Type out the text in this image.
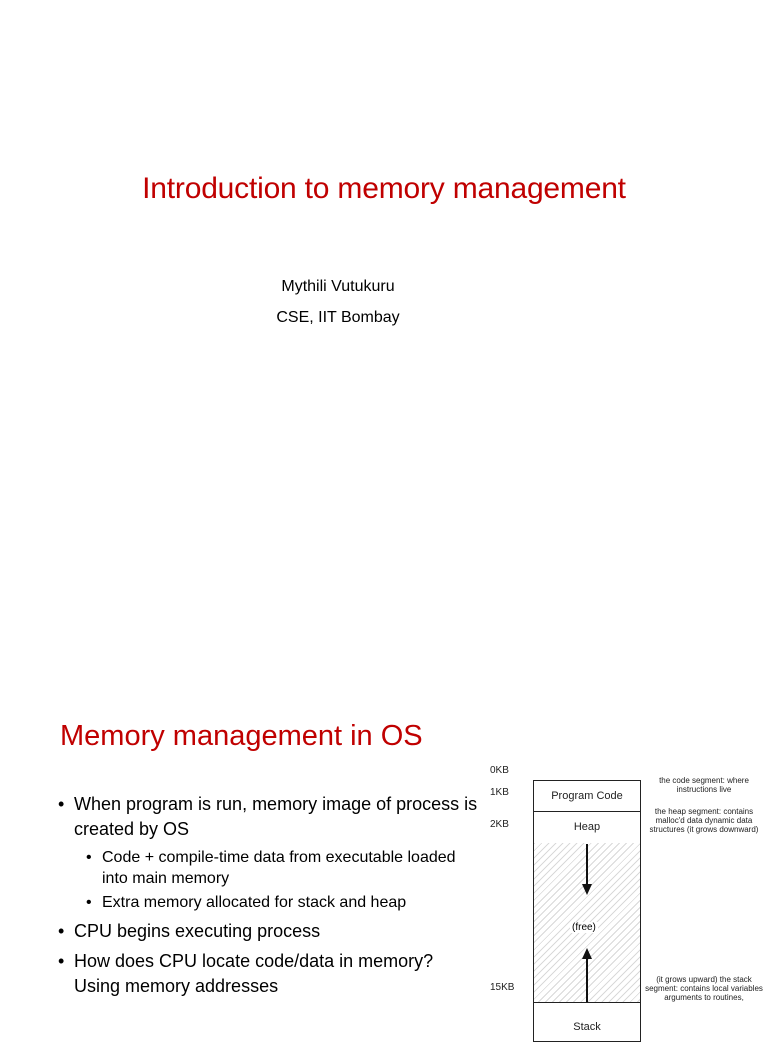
Introduction to memory management
Mythili Vutukuru
CSE, IIT Bombay
Memory management in OS
• When program is run, memory image of process is created by OS
• Code + compile-time data from executable loaded into main memory
• Extra memory allocated for stack and heap
• CPU begins executing process
• How does CPU locate code/data in memory? Using memory addresses
0KB
1KB
2KB
15KB
Program Code
Heap
(free)
Stack
the code segment: where instructions live
the heap segment: contains malloc'd data dynamic data structures (it grows downward)
(it grows upward) the stack segment: contains local variables arguments to routines,
